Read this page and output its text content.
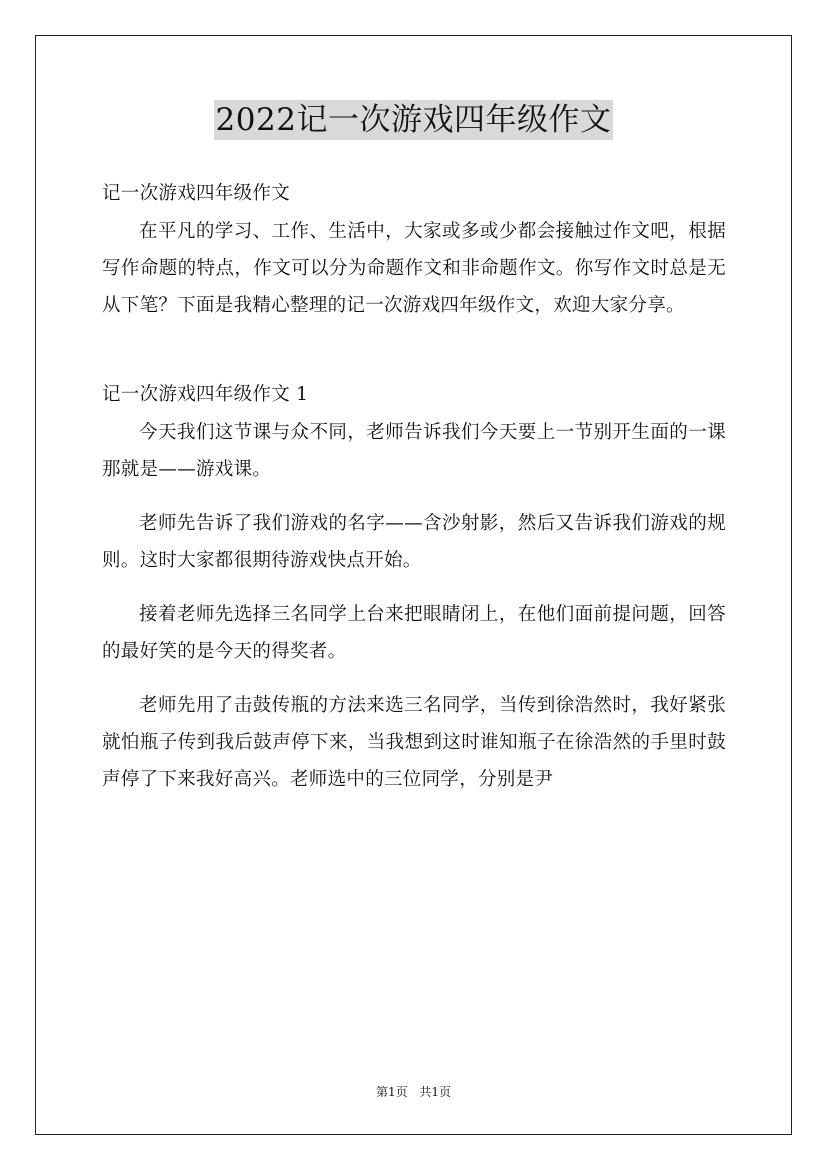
2022记一次游戏四年级作文

记一次游戏四年级作文

在平凡的学习、工作、生活中，大家或多或少都会接触过作文吧，根据写作命题的特点，作文可以分为命题作文和非命题作文。你写作文时总是无从下笔？下面是我精心整理的记一次游戏四年级作文，欢迎大家分享。

记一次游戏四年级作文 1

今天我们这节课与众不同，老师告诉我们今天要上一节别开生面的一课那就是——游戏课。

老师先告诉了我们游戏的名字——含沙射影，然后又告诉我们游戏的规则。这时大家都很期待游戏快点开始。

接着老师先选择三名同学上台来把眼睛闭上，在他们面前提问题，回答的最好笑的是今天的得奖者。

老师先用了击鼓传瓶的方法来选三名同学，当传到徐浩然时，我好紧张就怕瓶子传到我后鼓声停下来，当我想到这时谁知瓶子在徐浩然的手里时鼓声停了下来我好高兴。老师选中的三位同学，分别是尹

第1页 共1页
